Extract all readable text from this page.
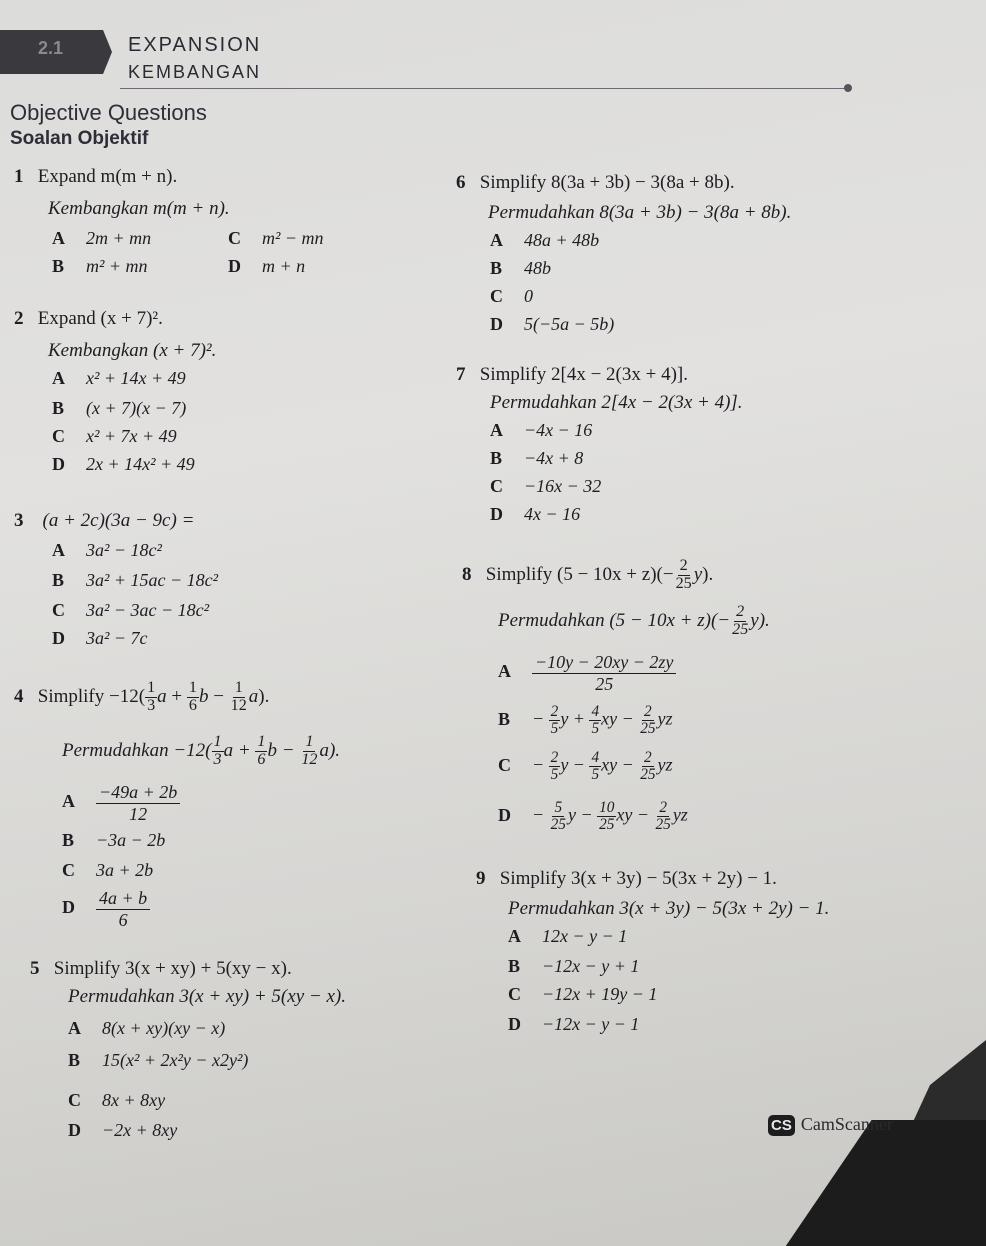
2.1	EXPANSION
KEMBANGAN
Objective Questions
Soalan Objektif
1 Expand m(m + n).
Kembangkan m(m + n).
A 2m + mn	C m² − mn
B m² + mn	D m + n
2 Expand (x + 7)².
Kembangkan (x + 7)².
A x² + 14x + 49
B (x + 7)(x − 7)
C x² + 7x + 49
D 2x + 14x² + 49
3 (a + 2c)(3a − 9c) =
A 3a² − 18c²
B 3a² + 15ac − 18c²
C 3a² − 3ac − 18c²
D 3a² − 7c
4 Simplify $-12( \frac{1}{3}$ $a + \frac{1}{6}$ $b - \frac{1}{12} a$).
Permudahkan $-12( \frac{1}{3}$ $a + \frac{1}{6}$ $b - \frac{1}{12} a$).
A $\frac{-49a + 2b}{12}$
B −3a − 2b
C 3a + 2b
D $\frac{4a + b}{6}$
5 Simplify 3(x + xy) + 5(xy − x).
Permudahkan 3(x + xy) + 5(xy − x).
A 8(x + xy)(xy − x)
B 15(x² + 2x²y − x2y²)
C 8x + 8xy
D −2x + 8xy
6 Simplify 8(3a + 3b) − 3(8a + 8b).
Permudahkan 8(3a + 3b) − 3(8a + 8b).
A 48a + 48b
B 48b
C 0
D 5(−5a − 5b)
7 Simplify 2[4x − 2(3x + 4)].
Permudahkan 2[4x − 2(3x + 4)].
A −4x − 16
B −4x + 8
C −16x − 32
D 4x − 16
8 Simplify $(5 - 10x + z)(- \frac{2}{25} y)$.
Permudahkan $(5 - 10x + z)(- \frac{2}{25} y)$.
A $\frac{-10y - 20xy - 2zy}{25}$
$B - \frac{2}{5}$ $y + \frac{4}{5}$ xy − $\frac{2}{25}$ yz
$C - \frac{2}{5}$ $y - \frac{4}{5}$ xy − $\frac{2}{25}$ yz
$D - \frac{5}{25}$ $y - \frac{10}{25}$ xy − $\frac{2}{25}$ yz
9 Simplify 3(x + 3y) − 5(3x + 2y) − 1.
Permudahkan 3(x + 3y) − 5(3x + 2y) − 1.
A 12x − y − 1
B −12x − y + 1
C −12x + 19y − 1
D −12x − y − 1
CS CamScanner
